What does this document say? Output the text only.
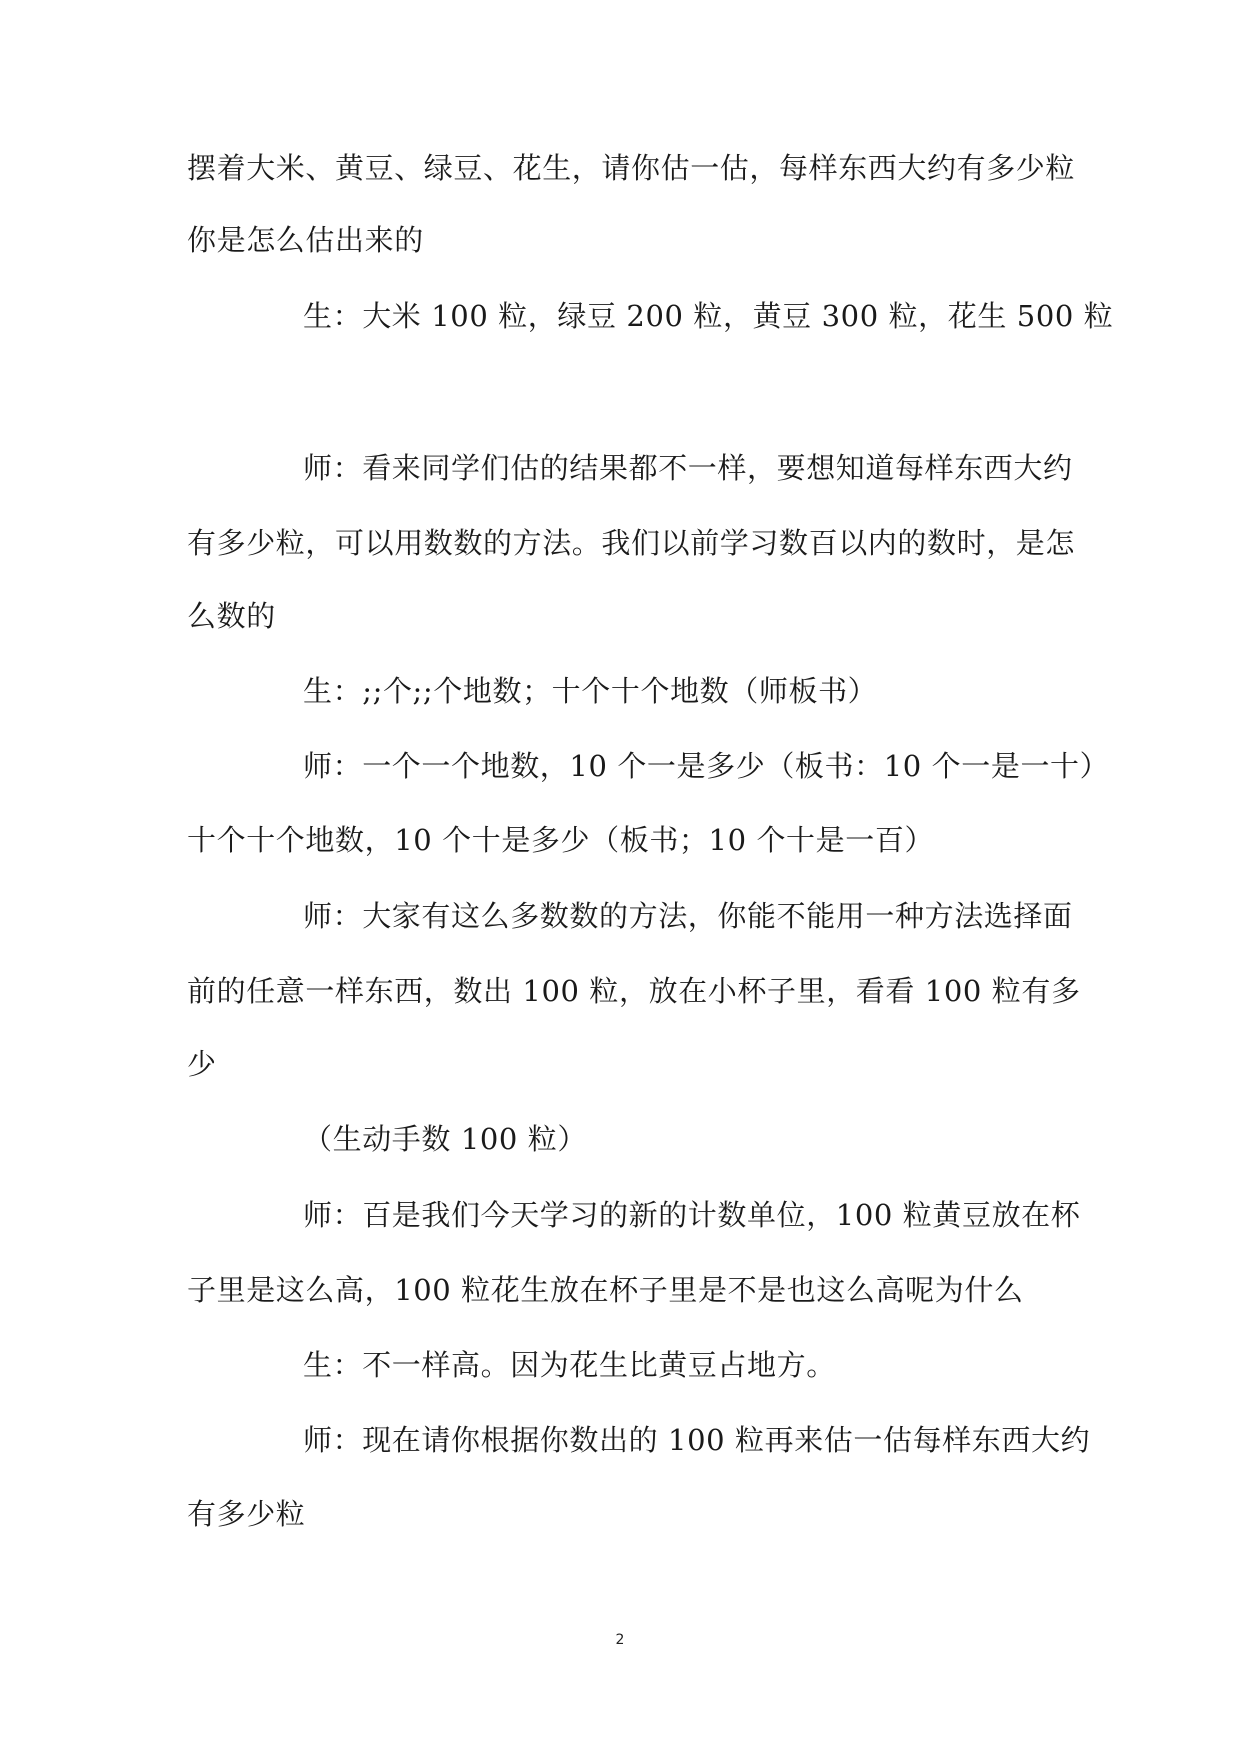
摆着大米、黄豆、绿豆、花生，请你估一估，每样东西大约有多少粒
你是怎么估出来的
生：大米 100 粒，绿豆 200 粒，黄豆 300 粒，花生 500 粒
师：看来同学们估的结果都不一样，要想知道每样东西大约
有多少粒，可以用数数的方法。我们以前学习数百以内的数时，是怎
么数的
生：;;个;;个地数；十个十个地数（师板书）
师：一个一个地数，10 个一是多少（板书：10 个一是一十）
十个十个地数，10 个十是多少（板书；10 个十是一百）
师：大家有这么多数数的方法，你能不能用一种方法选择面
前的任意一样东西，数出 100 粒，放在小杯子里，看看 100 粒有多
少
（生动手数 100 粒）
师：百是我们今天学习的新的计数单位，100 粒黄豆放在杯
子里是这么高，100 粒花生放在杯子里是不是也这么高呢为什么
生：不一样高。因为花生比黄豆占地方。
师：现在请你根据你数出的 100 粒再来估一估每样东西大约
有多少粒
2
